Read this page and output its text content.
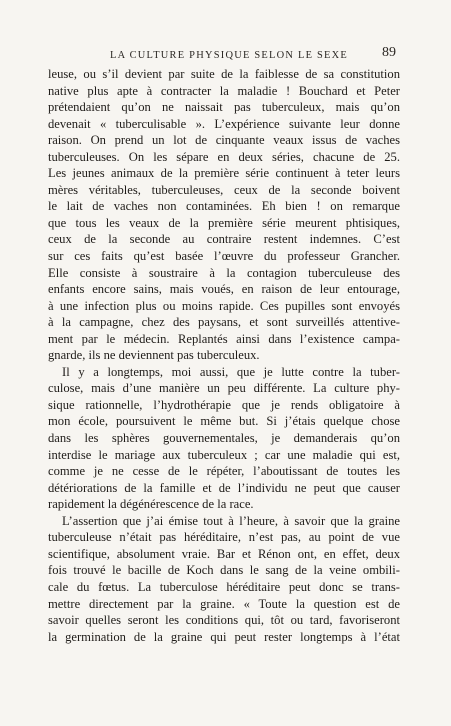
LA CULTURE PHYSIQUE SELON LE SEXE 89
leuse, ou s’il devient par suite de la faiblesse de sa constitution
native plus apte à contracter la maladie ! Bouchard et Peter
prétendaient qu’on ne naissait pas tuberculeux, mais qu’on
devenait « tuberculisable ». L’expérience suivante leur donne
raison. On prend un lot de cinquante veaux issus de vaches
tuberculeuses. On les sépare en deux séries, chacune de 25.
Les jeunes animaux de la première série continuent à teter leurs
mères véritables, tuberculeuses, ceux de la seconde boivent
le lait de vaches non contaminées. Eh bien ! on remarque
que tous les veaux de la première série meurent phtisiques,
ceux de la seconde au contraire restent indemnes. C’est
sur ces faits qu’est basée l’œuvre du professeur Grancher.
Elle consiste à soustraire à la contagion tuberculeuse des
enfants encore sains, mais voués, en raison de leur entourage,
à une infection plus ou moins rapide. Ces pupilles sont envoyés
à la campagne, chez des paysans, et sont surveillés attentive-
ment par le médecin. Replantés ainsi dans l’existence campa-
gnarde, ils ne deviennent pas tuberculeux.
Il y a longtemps, moi aussi, que je lutte contre la tuber-
culose, mais d’une manière un peu différente. La culture phy-
sique rationnelle, l’hydrothérapie que je rends obligatoire à
mon école, poursuivent le même but. Si j’étais quelque chose
dans les sphères gouvernementales, je demanderais qu’on
interdise le mariage aux tuberculeux ; car une maladie qui est,
comme je ne cesse de le répéter, l’aboutissant de toutes les
détériorations de la famille et de l’individu ne peut que causer
rapidement la dégénérescence de la race.
L’assertion que j’ai émise tout à l’heure, à savoir que la graine
tuberculeuse n’était pas héréditaire, n’est pas, au point de vue
scientifique, absolument vraie. Bar et Rénon ont, en effet, deux
fois trouvé le bacille de Koch dans le sang de la veine ombili-
cale du fœtus. La tuberculose héréditaire peut donc se trans-
mettre directement par la graine. « Toute la question est de
savoir quelles seront les conditions qui, tôt ou tard, favoriseront
la germination de la graine qui peut rester longtemps à l’état
